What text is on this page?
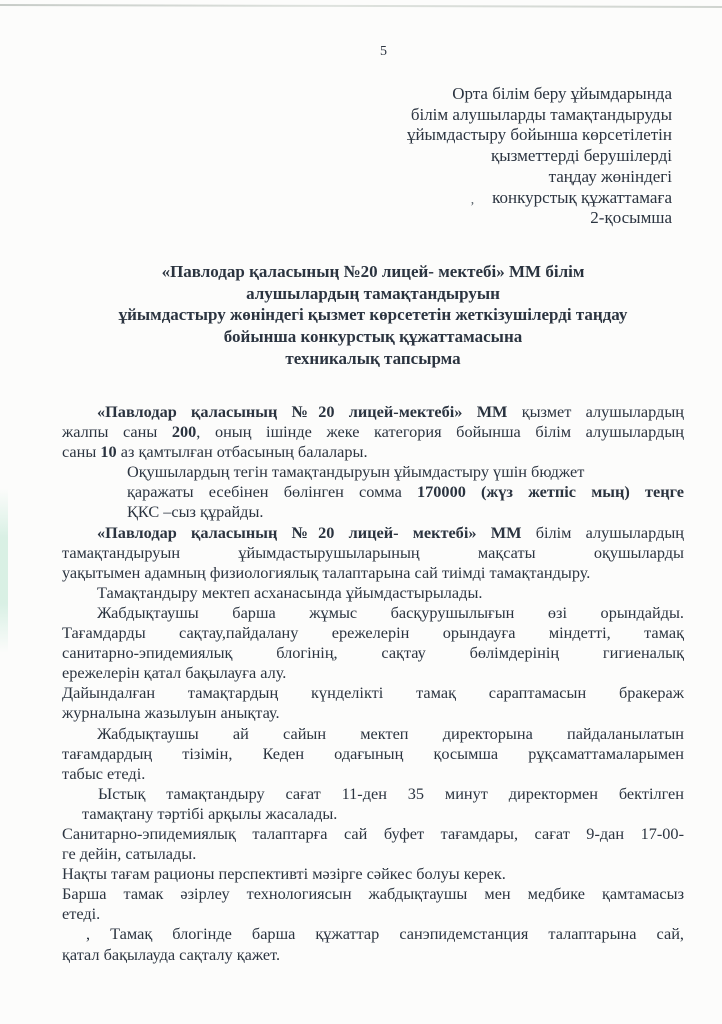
5
Орта білім беру ұйымдарында
білім алушыларды тамақтандыруды
ұйымдастыру бойынша көрсетілетін
қызметтерді берушілерді
таңдау жөніндегі
конкурстық құжаттамаға
2-қосымша
’
«Павлодар қаласының №20 лицей- мектебі» ММ білім
алушылардың тамақтандыруын
ұйымдастыру жөніндегі қызмет көрсететін жеткізушілерді таңдау
бойынша конкурстық құжаттамасына
техникалық тапсырма
«Павлодар қаласының №20 лицей-мектебі» ММ қызмет алушылардың
жалпы саны 200, оның ішінде жеке категория бойынша білім алушылардың
саны 10 аз қамтылған отбасының балалары.
Оқушылардың тегін тамақтандыруын ұйымдастыру үшін бюджет
қаражаты есебінен бөлінген сомма 170000 (жүз жетпіс мың) теңге
ҚКС –сыз құрайды.
«Павлодар қаласының №20 лицей- мектебі» ММ білім алушылардың
тамақтандыруын ұйымдастырушыларының мақсаты оқушыларды
уақытымен адамның физиологиялық талаптарына сай тиімді тамақтандыру.
Тамақтандыру мектеп асханасында ұйымдастырылады.
Жабдықтаушы барша жұмыс басқурушылығын өзі орындайды.
Тағамдарды сақтау,пайдалану ережелерін орындауға міндетті, тамақ
санитарно-эпидемиялық блогінің, сақтау бөлімдерінің гигиеналық
ережелерін қатал бақылауға алу.
Дайындалған тамақтардың күнделікті тамақ сараптамасын бракераж
журналына жазылуын анықтау.
Жабдықтаушы ай сайын мектеп директорына пайдаланылатын
тағамдардың тізімін, Кеден одағының қосымша рұқсаматтамаларымен
табыс етеді.
Ыстық тамақтандыру сағат 11-ден 35 минут директормен бектілген
тамақтану тәртібі арқылы жасалады.
Санитарно-эпидемиялық талаптарға сай буфет тағамдары, сағат 9-дан 17-00-
ге дейін, сатылады.
Нақты тағам рационы перспективті мәзірге сәйкес болуы керек.
Барша тамак әзірлеу технологиясын жабдықтаушы мен медбике қамтамасыз
етеді.
, Тамақ блогінде барша құжаттар санэпидемстанция талаптарына сай,
қатал бақылауда сақталу қажет.
